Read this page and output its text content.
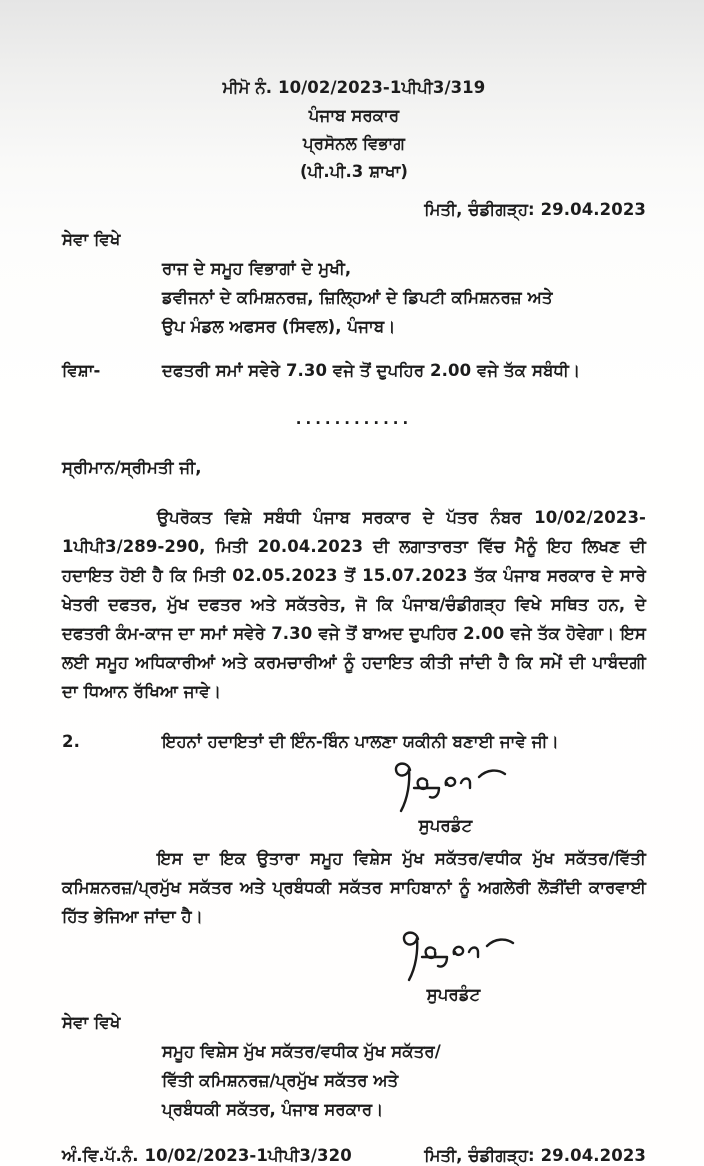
ਮੀਮੋ ਨੰ. 10/02/2023-1ਪੀਪੀ3/319
ਪੰਜਾਬ ਸਰਕਾਰ
ਪ੍ਰਸੋਨਲ ਵਿਭਾਗ
(ਪੀ.ਪੀ.3 ਸ਼ਾਖਾ)
ਮਿਤੀ, ਚੰਡੀਗੜ੍ਹ: 29.04.2023
ਸੇਵਾ ਵਿਖੇ
ਰਾਜ ਦੇ ਸਮੂਹ ਵਿਭਾਗਾਂ ਦੇ ਮੁਖੀ,
ਡਵੀਜਨਾਂ ਦੇ ਕਮਿਸ਼ਨਰਜ਼, ਜ਼ਿਲ੍ਹਿਆਂ ਦੇ ਡਿਪਟੀ ਕਮਿਸ਼ਨਰਜ਼ ਅਤੇ
ਉਪ ਮੰਡਲ ਅਫਸਰ (ਸਿਵਲ), ਪੰਜਾਬ।
ਵਿਸ਼ਾ-	ਦਫਤਰੀ ਸਮਾਂ ਸਵੇਰੇ 7.30 ਵਜੇ ਤੋਂ ਦੁਪਹਿਰ 2.00 ਵਜੇ ਤੱਕ ਸਬੰਧੀ।
............
ਸ੍ਰੀਮਾਨ/ਸ੍ਰੀਮਤੀ ਜੀ,
ਉਪਰੋਕਤ ਵਿਸ਼ੇ ਸਬੰਧੀ ਪੰਜਾਬ ਸਰਕਾਰ ਦੇ ਪੱਤਰ ਨੰਬਰ 10/02/2023-1ਪੀਪੀ3/289-290, ਮਿਤੀ 20.04.2023 ਦੀ ਲਗਾਤਾਰਤਾ ਵਿੱਚ ਮੈਨੂੰ ਇਹ ਲਿਖਣ ਦੀ ਹਦਾਇਤ ਹੋਈ ਹੈ ਕਿ ਮਿਤੀ 02.05.2023 ਤੋਂ 15.07.2023 ਤੱਕ ਪੰਜਾਬ ਸਰਕਾਰ ਦੇ ਸਾਰੇ ਖੇਤਰੀ ਦਫਤਰ, ਮੁੱਖ ਦਫਤਰ ਅਤੇ ਸਕੱਤਰੇਤ, ਜੋ ਕਿ ਪੰਜਾਬ/ਚੰਡੀਗੜ੍ਹ ਵਿਖੇ ਸਥਿਤ ਹਨ, ਦੇ ਦਫਤਰੀ ਕੰਮ-ਕਾਜ ਦਾ ਸਮਾਂ ਸਵੇਰੇ 7.30 ਵਜੇ ਤੋਂ ਬਾਅਦ ਦੁਪਹਿਰ 2.00 ਵਜੇ ਤੱਕ ਹੋਵੇਗਾ। ਇਸ ਲਈ ਸਮੂਹ ਅਧਿਕਾਰੀਆਂ ਅਤੇ ਕਰਮਚਾਰੀਆਂ ਨੂੰ ਹਦਾਇਤ ਕੀਤੀ ਜਾਂਦੀ ਹੈ ਕਿ ਸਮੇਂ ਦੀ ਪਾਬੰਦਗੀ ਦਾ ਧਿਆਨ ਰੱਖਿਆ ਜਾਵੇ।
2.	ਇਹਨਾਂ ਹਦਾਇਤਾਂ ਦੀ ਇੰਨ-ਬਿੰਨ ਪਾਲਣਾ ਯਕੀਨੀ ਬਣਾਈ ਜਾਵੇ ਜੀ।
ਸੁਪਰਡੰਟ
ਇਸ ਦਾ ਇਕ ਉਤਾਰਾ ਸਮੂਹ ਵਿਸ਼ੇਸ ਮੁੱਖ ਸਕੱਤਰ/ਵਧੀਕ ਮੁੱਖ ਸਕੱਤਰ/ਵਿੱਤੀ ਕਮਿਸ਼ਨਰਜ਼/ਪ੍ਰਮੁੱਖ ਸਕੱਤਰ ਅਤੇ ਪ੍ਰਬੰਧਕੀ ਸਕੱਤਰ ਸਾਹਿਬਾਨਾਂ ਨੂੰ ਅਗਲੇਰੀ ਲੋੜੀਂਦੀ ਕਾਰਵਾਈ ਹਿੱਤ ਭੇਜਿਆ ਜਾਂਦਾ ਹੈ।
ਸੁਪਰਡੰਟ
ਸੇਵਾ ਵਿਖੇ
ਸਮੂਹ ਵਿਸ਼ੇਸ ਮੁੱਖ ਸਕੱਤਰ/ਵਧੀਕ ਮੁੱਖ ਸਕੱਤਰ/
ਵਿੱਤੀ ਕਮਿਸ਼ਨਰਜ਼/ਪ੍ਰਮੁੱਖ ਸਕੱਤਰ ਅਤੇ
ਪ੍ਰਬੰਧਕੀ ਸਕੱਤਰ, ਪੰਜਾਬ ਸਰਕਾਰ।
ਅੰ.ਵਿ.ਪੱ.ਨੰ. 10/02/2023-1ਪੀਪੀ3/320	ਮਿਤੀ, ਚੰਡੀਗੜ੍ਹ: 29.04.2023
